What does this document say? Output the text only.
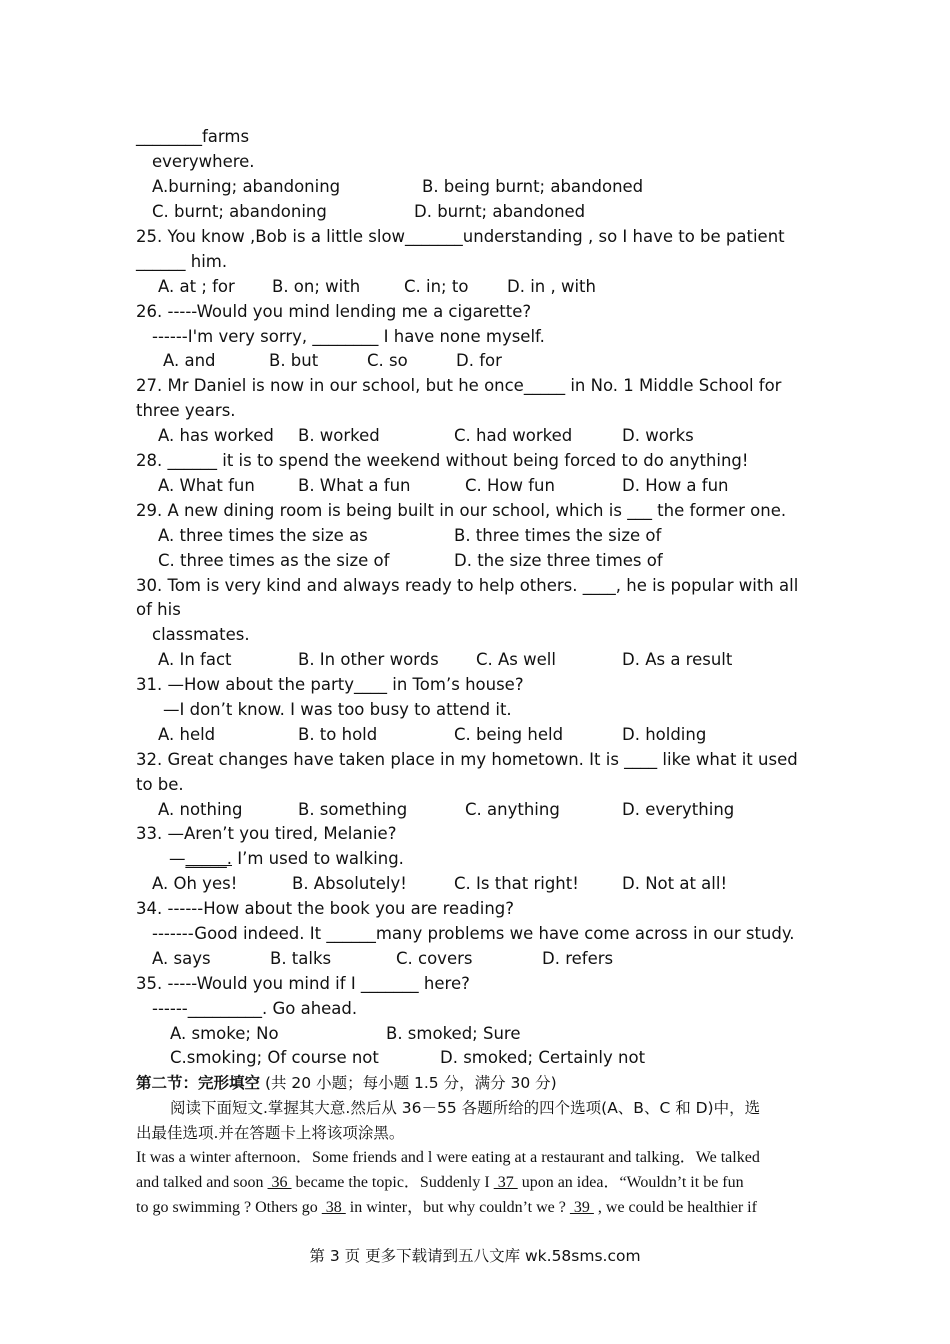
________farms
everywhere.
A.burning; abandoning	B. being burnt; abandoned
C. burnt; abandoning	D. burnt; abandoned
25. You know ,Bob is a little slow_______understanding , so I have to be patient
______ him.
A. at ; for B. on; with	C. in; to D. in , with
26. -----Would you mind lending me a cigarette?
------I'm very sorry, ________ I have none myself.
A. and	B. but	C. so	D. for
27. Mr Daniel is now in our school, but he once_____ in No. 1 Middle School for
three years.
A. has worked B. worked	C. had worked	D. works
28. ______ it is to spend the weekend without being forced to do anything!
A. What fun	B. What a fun	C. How fun	D. How a fun
29. A new dining room is being built in our school, which is ___ the former one.
A. three times the size as	B. three times the size of
C. three times as the size of	D. the size three times of
30. Tom is very kind and always ready to help others. ____, he is popular with all
of his
classmates.
A. In fact	B. In other words C. As well	D. As a result
31. —How about the party____ in Tom’s house?
—I don’t know. I was too busy to attend it.
A. held	B. to hold	C. being held	D. holding
32. Great changes have taken place in my hometown. It is ____ like what it used
to be.
A. nothing	B. something	C. anything	D. everything
33. —Aren’t you tired, Melanie?
—_____. I’m used to walking.
A. Oh yes!	B. Absolutely!	C. Is that right!	D. Not at all!
34. ------How about the book you are reading?
-------Good indeed. It ______many problems we have come across in our study.
A. says	B. talks	C. covers	D. refers
35. -----Would you mind if I _______ here?
------_________. Go ahead.
A. smoke; No	B. smoked; Sure
C.smoking; Of course not	D. smoked; Certainly not
第二节：完形填空 (共 20 小题；每小题 1.5 分，满分 30 分)
阅读下面短文.掌握其大意.然后从 36－55 各题所给的四个选项(A、B、C 和 D)中，选
出最佳选项.并在答题卡上将该项涂黑。
It was a winter afternoon．Some friends and l were eating at a restaurant and talking．We talked
and talked and soon  36  became the topic．Suddenly I  37  upon an idea．“Wouldn’t it be fun
to go swimming ? Others go  38  in winter，but why couldn’t we ?  39  , we could be healthier if
第 3 页 更多下载请到五八文库 wk.58sms.com
